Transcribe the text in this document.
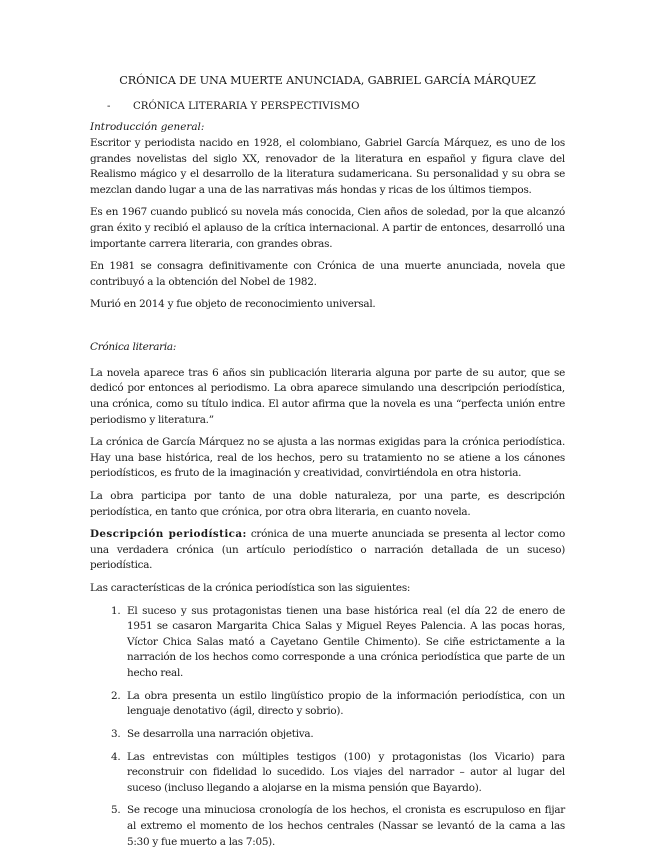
CRÓNICA DE UNA MUERTE ANUNCIADA, GABRIEL GARCÍA MÁRQUEZ
- CRÓNICA LITERARIA Y PERSPECTIVISMO
Introducción general:

Escritor y periodista nacido en 1928, el colombiano, Gabriel García Márquez, es uno de los grandes novelistas del siglo XX, renovador de la literatura en español y figura clave del Realismo mágico y el desarrollo de la literatura sudamericana. Su personalidad y su obra se mezclan dando lugar a una de las narrativas más hondas y ricas de los últimos tiempos.

Es en 1967 cuando publicó su novela más conocida, Cien años de soledad, por la que alcanzó gran éxito y recibió el aplauso de la crítica internacional. A partir de entonces, desarrolló una importante carrera literaria, con grandes obras.

En 1981 se consagra definitivamente con Crónica de una muerte anunciada, novela que contribuyó a la obtención del Nobel de 1982.

Murió en 2014 y fue objeto de reconocimiento universal.

Crónica literaria:

La novela aparece tras 6 años sin publicación literaria alguna por parte de su autor, que se dedicó por entonces al periodismo. La obra aparece simulando una descripción periodística, una crónica, como su título indica. El autor afirma que la novela es una “perfecta unión entre periodismo y literatura.”

La crónica de García Márquez no se ajusta a las normas exigidas para la crónica periodística. Hay una base histórica, real de los hechos, pero su tratamiento no se atiene a los cánones periodísticos, es fruto de la imaginación y creatividad, convirtiéndola en otra historia.

La obra participa por tanto de una doble naturaleza, por una parte, es descripción periodística, en tanto que crónica, por otra obra literaria, en cuanto novela.

Descripción periodística: crónica de una muerte anunciada se presenta al lector como una verdadera crónica (un artículo periodístico o narración detallada de un suceso) periodística.

Las características de la crónica periodística son las siguientes:

1. El suceso y sus protagonistas tienen una base histórica real (el día 22 de enero de 1951 se casaron Margarita Chica Salas y Miguel Reyes Palencia. A las pocas horas, Víctor Chica Salas mató a Cayetano Gentile Chimento). Se ciñe estrictamente a la narración de los hechos como corresponde a una crónica periodística que parte de un hecho real.
2. La obra presenta un estilo lingüístico propio de la información periodística, con un lenguaje denotativo (ágil, directo y sobrio).
3. Se desarrolla una narración objetiva.
4. Las entrevistas con múltiples testigos (100) y protagonistas (los Vicario) para reconstruir con fidelidad lo sucedido. Los viajes del narrador – autor al lugar del suceso (incluso llegando a alojarse en la misma pensión que Bayardo).
5. Se recoge una minuciosa cronología de los hechos, el cronista es escrupuloso en fijar al extremo el momento de los hechos centrales (Nassar se levantó de la cama a las 5:30 y fue muerto a las 7:05).
